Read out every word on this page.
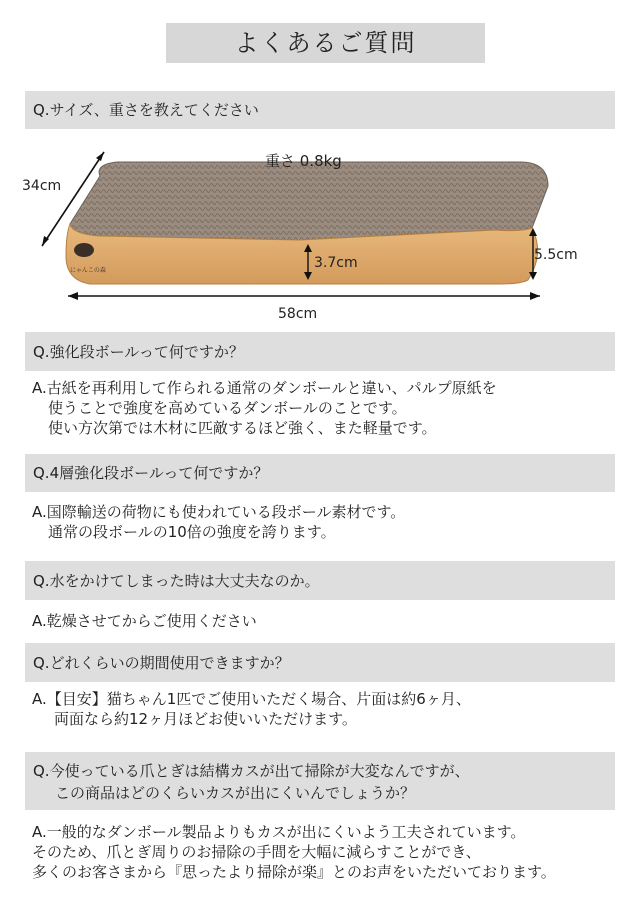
よくあるご質問
Q.サイズ、重さを教えてください
にゃんこの森
重さ 0.8kg
34cm
3.7cm	5.5cm
58cm
Q.強化段ボールって何ですか？
A.古紙を再利用して作られる通常のダンボールと違い、パルプ原紙を
使うことで強度を高めているダンボールのことです。
使い方次第では木材に匹敵するほど強く、また軽量です。
Q.4層強化段ボールって何ですか？
A.国際輸送の荷物にも使われている段ボール素材です。
通常の段ボールの10倍の強度を誇ります。
Q.水をかけてしまった時は大丈夫なのか。
A.乾燥させてからご使用ください
Q.どれくらいの期間使用できますか？
A.【目安】猫ちゃん1匹でご使用いただく場合、片面は約6ヶ月、
両面なら約12ヶ月ほどお使いいただけます。
Q.今使っている爪とぎは結構カスが出て掃除が大変なんですが、
この商品はどのくらいカスが出にくいんでしょうか？
A.一般的なダンボール製品よりもカスが出にくいよう工夫されています。
そのため、爪とぎ周りのお掃除の手間を大幅に減らすことができ、
多くのお客さまから『思ったより掃除が楽』とのお声をいただいております。
